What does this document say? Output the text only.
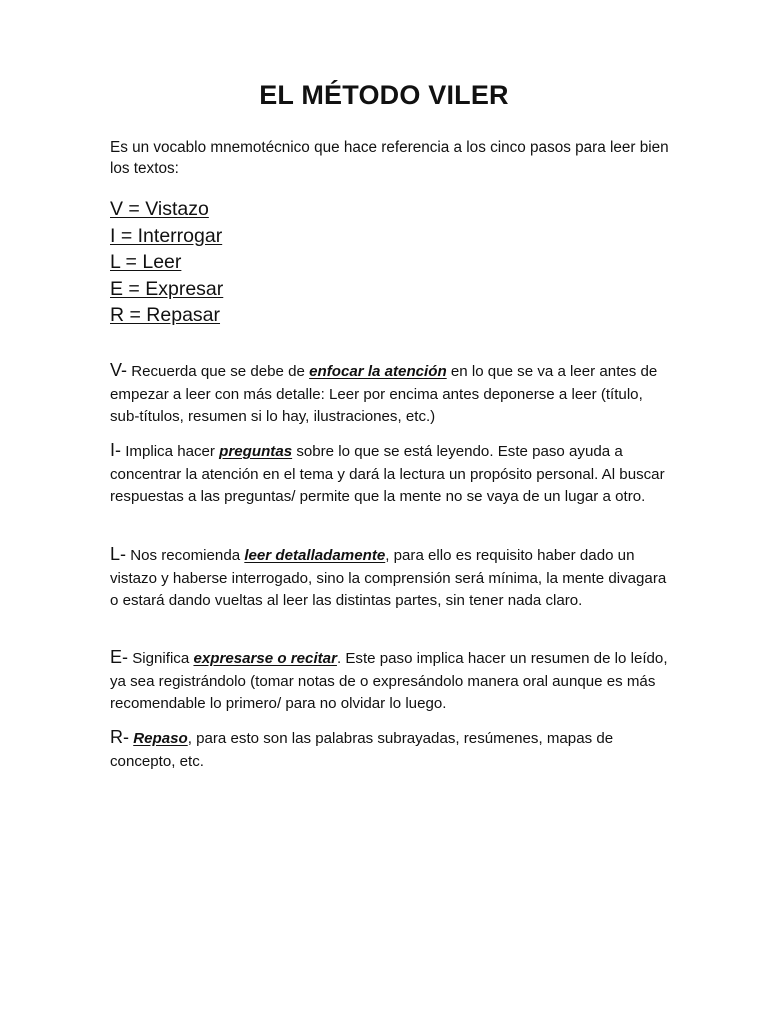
EL MÉTODO VILER
Es un vocablo mnemotécnico que hace referencia a los cinco pasos para leer bien los textos:
V = Vistazo
I = Interrogar
L = Leer
E = Expresar
R = Repasar
V- Recuerda que se debe de enfocar la atención en lo que se va a leer antes de empezar a leer con más detalle: Leer por encima antes deponerse a leer (título, sub-títulos, resumen si lo hay, ilustraciones, etc.)
I- Implica hacer preguntas sobre lo que se está leyendo. Este paso ayuda a concentrar la atención en el tema y dará la lectura un propósito personal. Al buscar respuestas a las preguntas/ permite que la mente no se vaya de un lugar a otro.
L- Nos recomienda leer detalladamente, para ello es requisito haber dado un vistazo y haberse interrogado, sino la comprensión será mínima, la mente divagara o estará dando vueltas al leer las distintas partes, sin tener nada claro.
E- Significa expresarse o recitar. Este paso implica hacer un resumen de lo leído, ya sea registrándolo (tomar notas de o expresándolo manera oral aunque es más recomendable lo primero/ para no olvidar lo luego.
R- Repaso, para esto son las palabras subrayadas, resúmenes, mapas de concepto, etc.
